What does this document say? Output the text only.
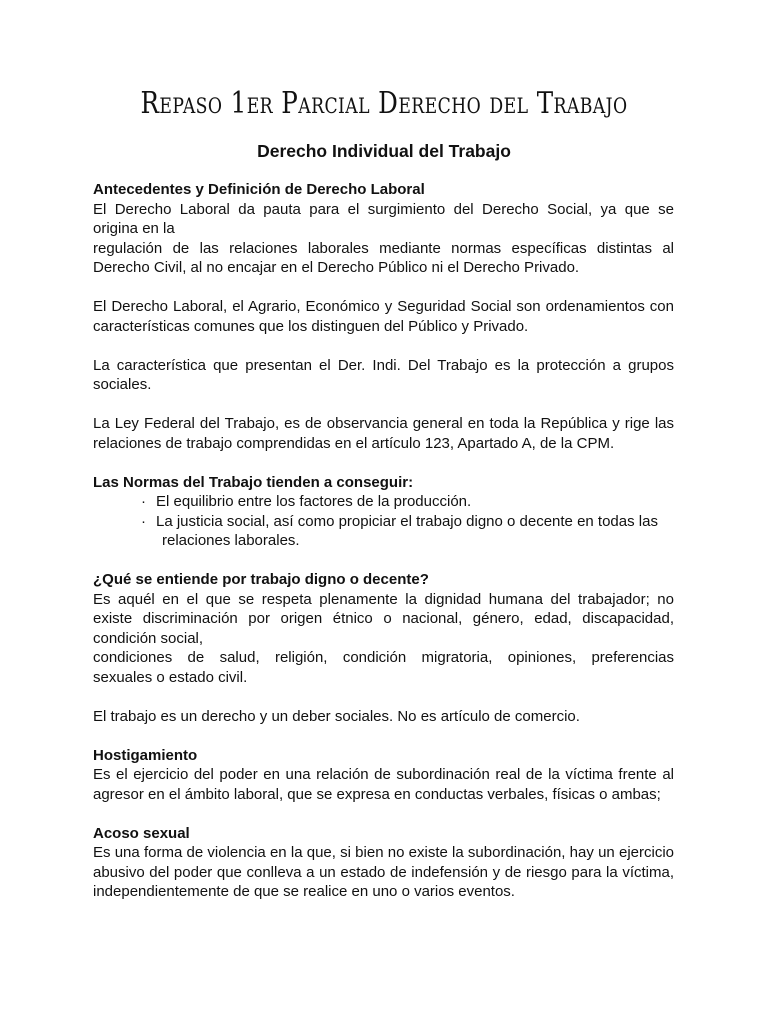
Repaso 1er Parcial Derecho del Trabajo
Derecho Individual del Trabajo
Antecedentes y Definición de Derecho Laboral
El Derecho Laboral da pauta para el surgimiento del Derecho Social, ya que se
origina en la
regulación de las relaciones laborales mediante normas específicas distintas al
Derecho Civil, al no encajar en el Derecho Público ni el Derecho Privado.
El Derecho Laboral, el Agrario, Económico y Seguridad Social son ordenamientos con características comunes que los distinguen del Público y Privado.
La característica que presentan el Der. Indi. Del Trabajo es la protección a grupos sociales.
La Ley Federal del Trabajo, es de observancia general en toda la República y rige las relaciones de trabajo comprendidas en el artículo 123, Apartado A, de la CPM.
Las Normas del Trabajo tienden a conseguir:
· El equilibrio entre los factores de la producción.
· La justicia social, así como propiciar el trabajo digno o decente en todas las
relaciones laborales.
¿Qué se entiende por trabajo digno o decente?
Es aquél en el que se respeta plenamente la dignidad humana del trabajador; no
existe discriminación por origen étnico o nacional, género, edad, discapacidad,
condición social,
condiciones de salud, religión, condición migratoria, opiniones, preferencias
sexuales o estado civil.
El trabajo es un derecho y un deber sociales. No es artículo de comercio.
Hostigamiento
Es el ejercicio del poder en una relación de subordinación real de la víctima frente al agresor en el ámbito laboral, que se expresa en conductas verbales, físicas o ambas;
Acoso sexual
Es una forma de violencia en la que, si bien no existe la subordinación, hay un ejercicio abusivo del poder que conlleva a un estado de indefensión y de riesgo para la víctima, independientemente de que se realice en uno o varios eventos.
